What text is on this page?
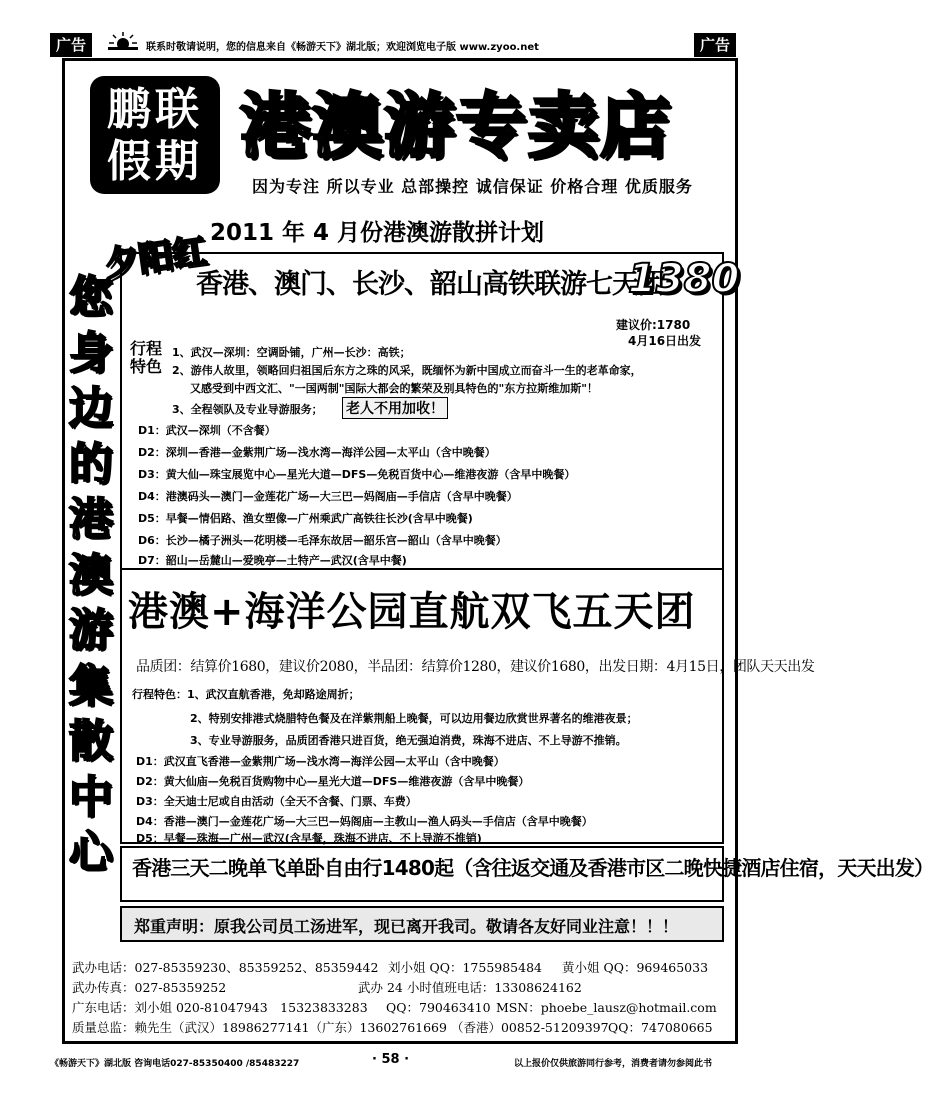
广告	联系时敬请说明，您的信息来自《畅游天下》湖北版；欢迎浏览电子版 www.zyoo.net	广告
鹏联
假期 港澳游专卖店
因为专注 所以专业 总部操控 诚信保证 价格合理 优质服务
2011 年 4 月份港澳游散拼计划
您
身
边
的
港
澳
游
集
散
中
心
夕阳红
香港、澳门、长沙、韶山高铁联游七天团
1380
建议价:1780
4月16日出发
行程特色
1、武汉—深圳：空调卧铺，广州—长沙：高铁；
2、游伟人故里，领略回归祖国后东方之珠的风采，既缅怀为新中国成立而奋斗一生的老革命家，
又感受到中西文汇、"一国两制"国际大都会的繁荣及别具特色的"东方拉斯维加斯"！
3、全程领队及专业导游服务； 老人不用加收！
D1：武汉—深圳（不含餐）
D2：深圳—香港—金紫荆广场—浅水湾—海洋公园—太平山（含中晚餐）
D3：黄大仙—珠宝展览中心—星光大道—DFS—免税百货中心—维港夜游（含早中晚餐）
D4：港澳码头—澳门—金莲花广场—大三巴—妈阁庙—手信店（含早中晚餐）
D5：早餐—情侣路、渔女塑像—广州乘武广高铁往长沙(含早中晚餐)
D6：长沙—橘子洲头—花明楼—毛泽东故居—韶乐宫—韶山（含早中晚餐）
D7：韶山—岳麓山—爱晚亭—土特产—武汉(含早中餐)
港澳+海洋公园直航双飞五天团
品质团：结算价1680，建议价2080，半品团：结算价1280，建议价1680，出发日期：4月15日，团队天天出发
行程特色：1、武汉直航香港，免却路途周折；
2、特别安排港式烧腊特色餐及在洋紫荆船上晚餐，可以边用餐边欣赏世界著名的维港夜景；
3、专业导游服务，品质团香港只进百货，绝无强迫消费，珠海不进店、不上导游不推销。
D1：武汉直飞香港—金紫荆广场—浅水湾—海洋公园—太平山（含中晚餐）
D2：黄大仙庙—免税百货购物中心—星光大道—DFS—维港夜游（含早中晚餐）
D3：全天迪士尼或自由活动（全天不含餐、门票、车费）
D4：香港—澳门—金莲花广场—大三巴—妈阁庙—主教山—渔人码头—手信店（含早中晚餐）
D5：早餐—珠海—广州—武汉(含早餐，珠海不进店、不上导游不推销)
香港三天二晚单飞单卧自由行1480起（含往返交通及香港市区二晚快捷酒店住宿，天天出发）
郑重声明：原我公司员工汤进军，现已离开我司。敬请各友好同业注意！！！
武办电话：027-85359230、85359252、85359442 刘小姐 QQ：1755985484 黄小姐 QQ：969465033
武办传真：027-85359252	武办 24 小时值班电话：13308624162
广东电话：刘小姐 020-81047943　15323833283 QQ：790463410 MSN：phoebe_lausz@hotmail.com
质量总监：赖先生（武汉）18986277141（广东）13602761669 （香港）00852-51209397 QQ：747080665
《畅游天下》湖北版 咨询电话027-85350400 /85483227	· 58 ·	以上报价仅供旅游同行参考，消费者请勿参阅此书
